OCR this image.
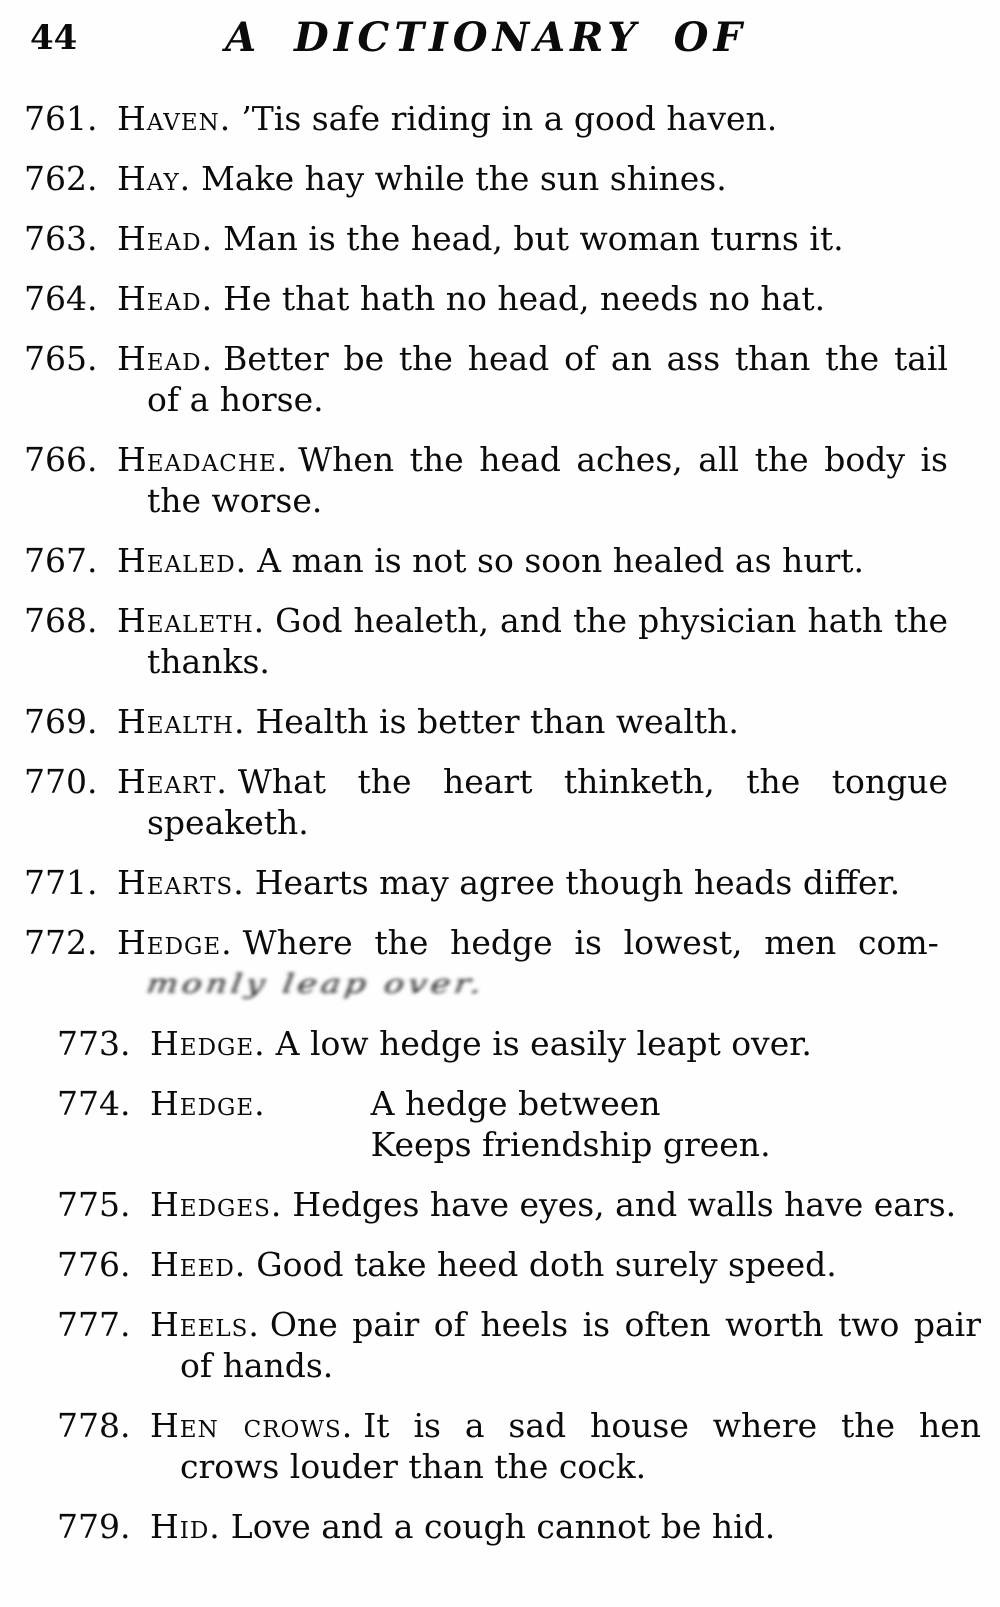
44	A DICTIONARY OF
761. Haven. ’Tis safe riding in a good haven.
762. Hay. Make hay while the sun shines.
763. Head. Man is the head, but woman turns it.
764. Head. He that hath no head, needs no hat.
765. Head. Better be the head of an ass than the tail of a horse.
766. Headache. When the head aches, all the body is the worse.
767. Healed. A man is not so soon healed as hurt.
768. Healeth. God healeth, and the physician hath the thanks.
769. Health. Health is better than wealth.
770. Heart. What the heart thinketh, the tongue speaketh.
771. Hearts. Hearts may agree though heads differ.
772. Hedge. Where the hedge is lowest, men com-
monly leap over.
773. Hedge. A low hedge is easily leapt over.
774. Hedge.	A hedge between
Keeps friendship green.
775. Hedges. Hedges have eyes, and walls have ears.
776. Heed. Good take heed doth surely speed.
777. Heels. One pair of heels is often worth two pair of hands.
778. Hen crows. It is a sad house where the hen crows louder than the cock.
779. Hid. Love and a cough cannot be hid.
